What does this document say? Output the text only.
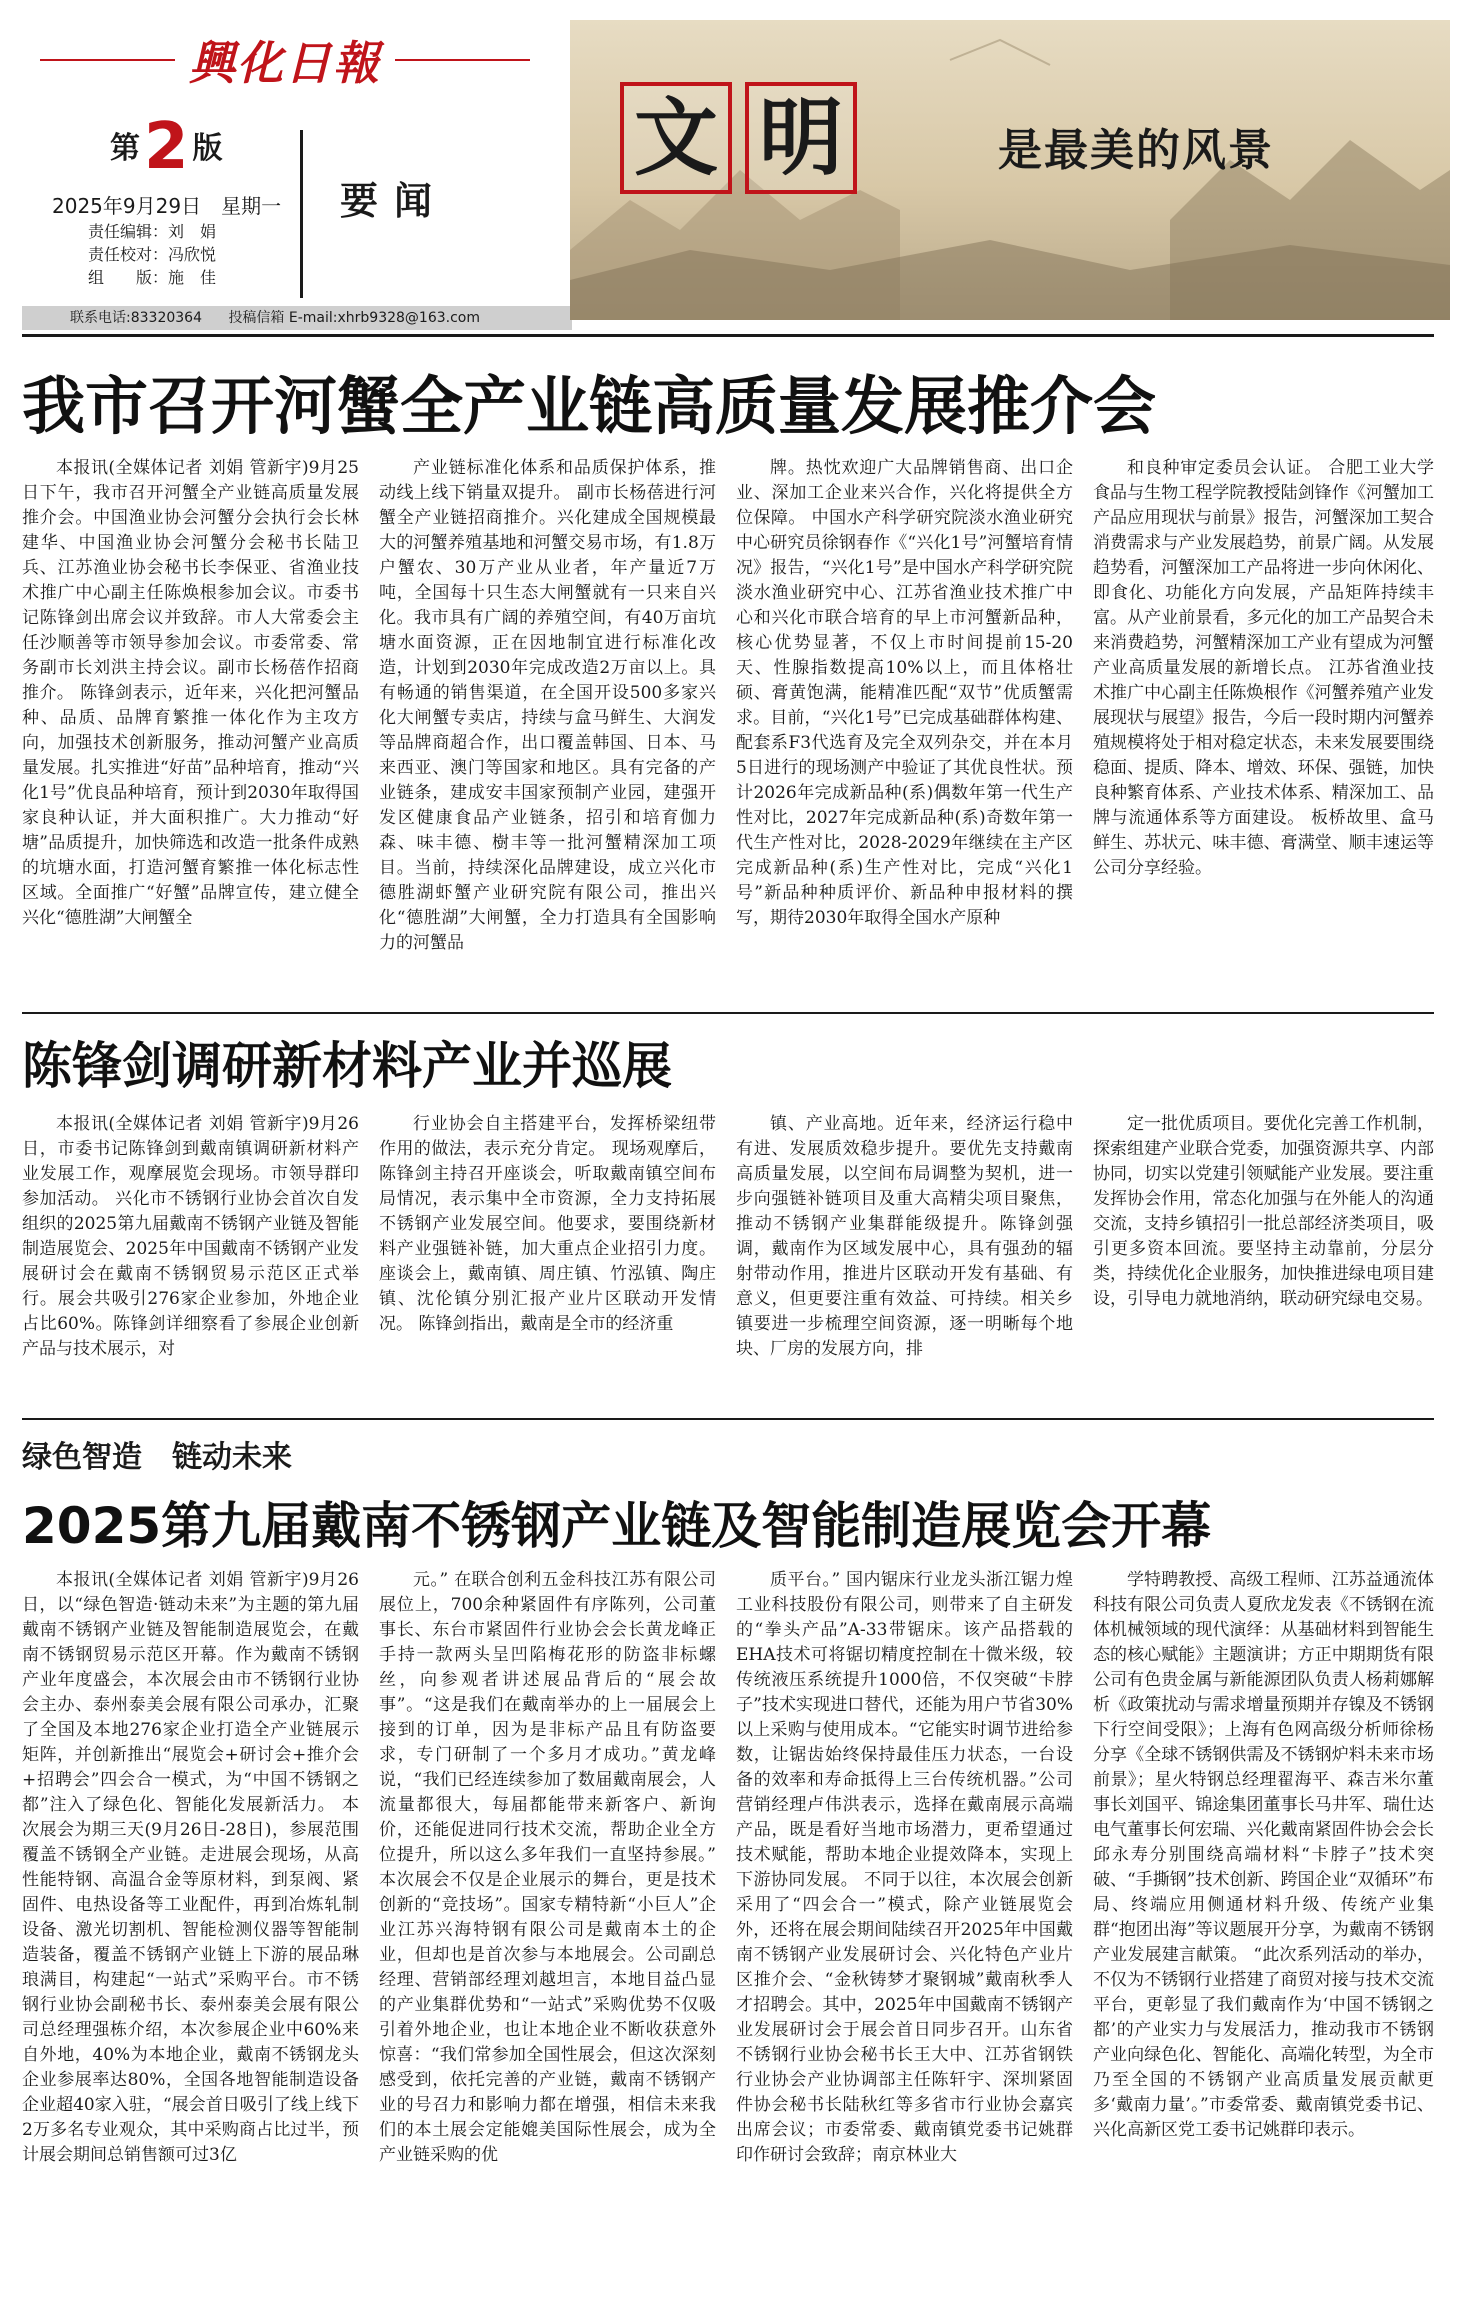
興化日報
第2 版
2025年9月29日　星期一
责任编辑：刘　娟
责任校对：冯欣悦
组　　版：施　佳
要闻
联系电话:83320364 投稿信箱 E-mail:xhrb9328@163.com
文 明	是最美的风景
我市召开河蟹全产业链高质量发展推介会

本报讯(全媒体记者 刘娟 管新宇)9月25日下午，我市召开河蟹全产业链高质量发展推介会。中国渔业协会河蟹分会执行会长林建华、中国渔业协会河蟹分会秘书长陆卫兵、江苏渔业协会秘书长李保亚、省渔业技术推广中心副主任陈焕根参加会议。市委书记陈锋剑出席会议并致辞。市人大常委会主任沙顺善等市领导参加会议。市委常委、常务副市长刘洪主持会议。副市长杨蓓作招商推介。 陈锋剑表示，近年来，兴化把河蟹品种、品质、品牌育繁推一体化作为主攻方向，加强技术创新服务，推动河蟹产业高质量发展。扎实推进“好苗”品种培育，推动“兴化1号”优良品种培育，预计到2030年取得国家良种认证，并大面积推广。大力推动“好塘”品质提升，加快筛选和改造一批条件成熟的坑塘水面，打造河蟹育繁推一体化标志性区域。全面推广“好蟹”品牌宣传，建立健全兴化“德胜湖”大闸蟹全

产业链标准化体系和品质保护体系，推动线上线下销量双提升。 副市长杨蓓进行河蟹全产业链招商推介。兴化建成全国规模最大的河蟹养殖基地和河蟹交易市场，有1.8万户蟹农、30万产业从业者，年产量近7万吨，全国每十只生态大闸蟹就有一只来自兴化。我市具有广阔的养殖空间，有40万亩坑塘水面资源，正在因地制宜进行标准化改造，计划到2030年完成改造2万亩以上。具有畅通的销售渠道，在全国开设500多家兴化大闸蟹专卖店，持续与盒马鲜生、大润发等品牌商超合作，出口覆盖韩国、日本、马来西亚、澳门等国家和地区。具有完备的产业链条，建成安丰国家预制产业园，建强开发区健康食品产业链条，招引和培育伽力森、味丰德、樹丰等一批河蟹精深加工项目。当前，持续深化品牌建设，成立兴化市德胜湖虾蟹产业研究院有限公司，推出兴化“德胜湖”大闸蟹，全力打造具有全国影响力的河蟹品

牌。热忱欢迎广大品牌销售商、出口企业、深加工企业来兴合作，兴化将提供全方位保障。 中国水产科学研究院淡水渔业研究中心研究员徐钢春作《“兴化1号”河蟹培育情况》报告，“兴化1号”是中国水产科学研究院淡水渔业研究中心、江苏省渔业技术推广中心和兴化市联合培育的早上市河蟹新品种，核心优势显著，不仅上市时间提前15-20天、性腺指数提高10%以上，而且体格壮硕、膏黄饱满，能精准匹配“双节”优质蟹需求。目前，“兴化1号”已完成基础群体构建、配套系F3代选育及完全双列杂交，并在本月5日进行的现场测产中验证了其优良性状。预计2026年完成新品种(系)偶数年第一代生产性对比，2027年完成新品种(系)奇数年第一代生产性对比，2028-2029年继续在主产区完成新品种(系)生产性对比，完成“兴化1号”新品种种质评价、新品种申报材料的撰写，期待2030年取得全国水产原种

和良种审定委员会认证。 合肥工业大学食品与生物工程学院教授陆剑锋作《河蟹加工产品应用现状与前景》报告，河蟹深加工契合消费需求与产业发展趋势，前景广阔。从发展趋势看，河蟹深加工产品将进一步向休闲化、即食化、功能化方向发展，产品矩阵持续丰富。从产业前景看，多元化的加工产品契合未来消费趋势，河蟹精深加工产业有望成为河蟹产业高质量发展的新增长点。 江苏省渔业技术推广中心副主任陈焕根作《河蟹养殖产业发展现状与展望》报告，今后一段时期内河蟹养殖规模将处于相对稳定状态，未来发展要围绕稳面、提质、降本、增效、环保、强链，加快良种繁育体系、产业技术体系、精深加工、品牌与流通体系等方面建设。 板桥故里、盒马鲜生、苏状元、味丰德、膏满堂、顺丰速运等公司分享经验。

陈锋剑调研新材料产业并巡展

本报讯(全媒体记者 刘娟 管新宇)9月26日，市委书记陈锋剑到戴南镇调研新材料产业发展工作，观摩展览会现场。市领导群印参加活动。 兴化市不锈钢行业协会首次自发组织的2025第九届戴南不锈钢产业链及智能制造展览会、2025年中国戴南不锈钢产业发展研讨会在戴南不锈钢贸易示范区正式举行。展会共吸引276家企业参加，外地企业占比60%。陈锋剑详细察看了参展企业创新产品与技术展示，对

行业协会自主搭建平台，发挥桥梁纽带作用的做法，表示充分肯定。 现场观摩后，陈锋剑主持召开座谈会，听取戴南镇空间布局情况，表示集中全市资源，全力支持拓展不锈钢产业发展空间。他要求，要围绕新材料产业强链补链，加大重点企业招引力度。 座谈会上，戴南镇、周庄镇、竹泓镇、陶庄镇、沈伦镇分别汇报产业片区联动开发情况。 陈锋剑指出，戴南是全市的经济重

镇、产业高地。近年来，经济运行稳中有进、发展质效稳步提升。要优先支持戴南高质量发展，以空间布局调整为契机，进一步向强链补链项目及重大高精尖项目聚焦，推动不锈钢产业集群能级提升。陈锋剑强调，戴南作为区域发展中心，具有强劲的辐射带动作用，推进片区联动开发有基础、有意义，但更要注重有效益、可持续。相关乡镇要进一步梳理空间资源，逐一明晰每个地块、厂房的发展方向，排

定一批优质项目。要优化完善工作机制，探索组建产业联合党委，加强资源共享、内部协同，切实以党建引领赋能产业发展。要注重发挥协会作用，常态化加强与在外能人的沟通交流，支持乡镇招引一批总部经济类项目，吸引更多资本回流。要坚持主动靠前，分层分类，持续优化企业服务，加快推进绿电项目建设，引导电力就地消纳，联动研究绿电交易。

绿色智造　链动未来
2025第九届戴南不锈钢产业链及智能制造展览会开幕

本报讯(全媒体记者 刘娟 管新宇)9月26日，以“绿色智造·链动未来”为主题的第九届戴南不锈钢产业链及智能制造展览会，在戴南不锈钢贸易示范区开幕。作为戴南不锈钢产业年度盛会，本次展会由市不锈钢行业协会主办、泰州泰美会展有限公司承办，汇聚了全国及本地276家企业打造全产业链展示矩阵，并创新推出“展览会+研讨会+推介会+招聘会”四会合一模式，为“中国不锈钢之都”注入了绿色化、智能化发展新活力。 本次展会为期三天(9月26日-28日)，参展范围覆盖不锈钢全产业链。走进展会现场，从高性能特钢、高温合金等原材料，到泵阀、紧固件、电热设备等工业配件，再到冶炼轧制设备、激光切割机、智能检测仪器等智能制造装备，覆盖不锈钢产业链上下游的展品琳琅满目，构建起“一站式”采购平台。市不锈钢行业协会副秘书长、泰州泰美会展有限公司总经理强栋介绍，本次参展企业中60%来自外地，40%为本地企业，戴南不锈钢龙头企业参展率达80%，全国各地智能制造设备企业超40家入驻，“展会首日吸引了线上线下2万多名专业观众，其中采购商占比过半，预计展会期间总销售额可过3亿

元。” 在联合创利五金科技江苏有限公司展位上，700余种紧固件有序陈列，公司董事长、东台市紧固件行业协会会长黄龙峰正手持一款两头呈凹陷梅花形的防盗非标螺丝，向参观者讲述展品背后的“展会故事”。“这是我们在戴南举办的上一届展会上接到的订单，因为是非标产品且有防盗要求，专门研制了一个多月才成功。”黄龙峰说，“我们已经连续参加了数届戴南展会，人流量都很大，每届都能带来新客户、新询价，还能促进同行技术交流，帮助企业全方位提升，所以这么多年我们一直坚持参展。” 本次展会不仅是企业展示的舞台，更是技术创新的“竞技场”。国家专精特新“小巨人”企业江苏兴海特钢有限公司是戴南本土的企业，但却也是首次参与本地展会。公司副总经理、营销部经理刘越坦言，本地目益凸显的产业集群优势和“一站式”采购优势不仅吸引着外地企业，也让本地企业不断收获意外惊喜：“我们常参加全国性展会，但这次深刻感受到，依托完善的产业链，戴南不锈钢产业的号召力和影响力都在增强，相信未来我们的本土展会定能媲美国际性展会，成为全产业链采购的优

质平台。” 国内锯床行业龙头浙江锯力煌工业科技股份有限公司，则带来了自主研发的“拳头产品”A-33带锯床。该产品搭载的EHA技术可将锯切精度控制在十微米级，较传统液压系统提升1000倍，不仅突破“卡脖子”技术实现进口替代，还能为用户节省30%以上采购与使用成本。“它能实时调节进给参数，让锯齿始终保持最佳压力状态，一台设备的效率和寿命抵得上三台传统机器。”公司营销经理卢伟洪表示，选择在戴南展示高端产品，既是看好当地市场潜力，更希望通过技术赋能，帮助本地企业提效降本，实现上下游协同发展。 不同于以往，本次展会创新采用了“四会合一”模式，除产业链展览会外，还将在展会期间陆续召开2025年中国戴南不锈钢产业发展研讨会、兴化特色产业片区推介会、“金秋铸梦才聚钢城”戴南秋季人才招聘会。其中，2025年中国戴南不锈钢产业发展研讨会于展会首日同步召开。山东省不锈钢行业协会秘书长王大中、江苏省钢铁行业协会产业协调部主任陈轩宇、深圳紧固件协会秘书长陆秋红等多省市行业协会嘉宾出席会议；市委常委、戴南镇党委书记姚群印作研讨会致辞；南京林业大

学特聘教授、高级工程师、江苏益通流体科技有限公司负责人夏欣龙发表《不锈钢在流体机械领域的现代演绎：从基础材料到智能生态的核心赋能》主题演讲；方正中期期货有限公司有色贵金属与新能源团队负责人杨莉娜解析《政策扰动与需求增量预期并存镍及不锈钢下行空间受限》；上海有色网高级分析师徐杨分享《全球不锈钢供需及不锈钢炉料未来市场前景》；星火特钢总经理翟海平、森吉米尔董事长刘国平、锦途集团董事长马井军、瑞仕达电气董事长何宏瑞、兴化戴南紧固件协会会长邱永寿分别围绕高端材料“卡脖子”技术突破、“手撕钢”技术创新、跨国企业“双循环”布局、终端应用侧通材料升级、传统产业集群“抱团出海”等议题展开分享，为戴南不锈钢产业发展建言献策。 “此次系列活动的举办，不仅为不锈钢行业搭建了商贸对接与技术交流平台，更彰显了我们戴南作为‘中国不锈钢之都’的产业实力与发展活力，推动我市不锈钢产业向绿色化、智能化、高端化转型，为全市乃至全国的不锈钢产业高质量发展贡献更多‘戴南力量’。”市委常委、戴南镇党委书记、兴化高新区党工委书记姚群印表示。
